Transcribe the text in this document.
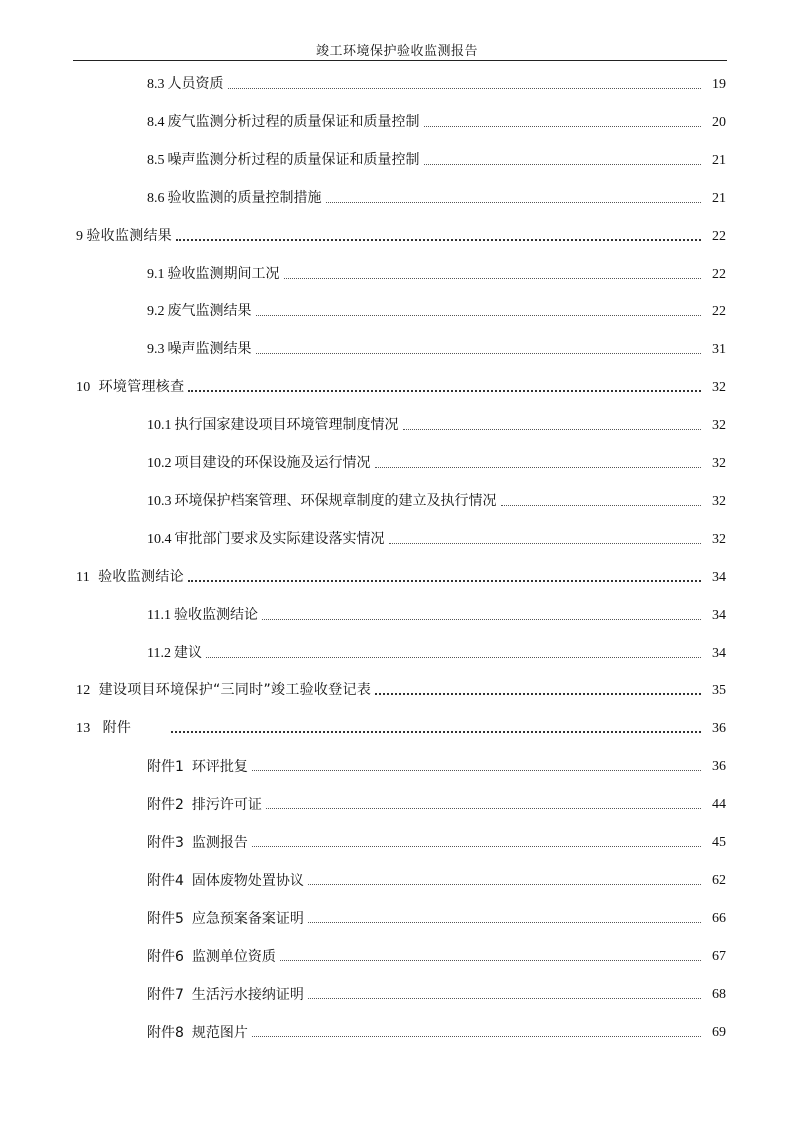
竣工环境保护验收监测报告
8.3 人员资质	19
8.4 废气监测分析过程的质量保证和质量控制	20
8.5 噪声监测分析过程的质量保证和质量控制	21
8.6 验收监测的质量控制措施	21
9 验收监测结果	22
9.1 验收监测期间工况	22
9.2 废气监测结果	22
9.3 噪声监测结果	31
10 环境管理核查	32
10.1 执行国家建设项目环境管理制度情况	32
10.2 项目建设的环保设施及运行情况	32
10.3 环境保护档案管理、环保规章制度的建立及执行情况	32
10.4 审批部门要求及实际建设落实情况	32
11 验收监测结论	34
11.1 验收监测结论	34
11.2 建议	34
12 建设项目环境保护“三同时”竣工验收登记表	35
13 附件	36
附件1 环评批复	36
附件2 排污许可证	44
附件3 监测报告	45
附件4 固体废物处置协议	62
附件5 应急预案备案证明	66
附件6 监测单位资质	67
附件7 生活污水接纳证明	68
附件8 规范图片	69
